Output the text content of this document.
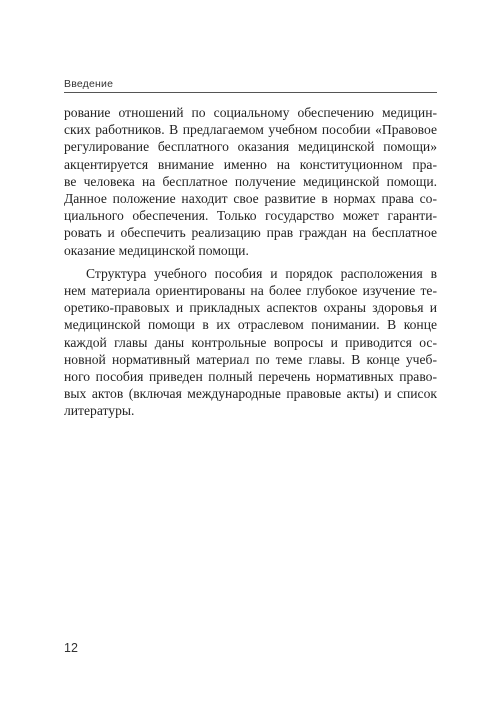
Введение
рование отношений по социальному обеспечению медицин-
ских работников. В предлагаемом учебном пособии «Правовое
регулирование бесплатного оказания медицинской помощи»
акцентируется внимание именно на конституционном пра-
ве человека на бесплатное получение медицинской помощи.
Данное положение находит свое развитие в нормах права со-
циального обеспечения. Только государство может гаранти-
ровать и обеспечить реализацию прав граждан на бесплатное
оказание медицинской помощи.
Структура учебного пособия и порядок расположения в
нем материала ориентированы на более глубокое изучение те-
оретико-правовых и прикладных аспектов охраны здоровья и
медицинской помощи в их отраслевом понимании. В конце
каждой главы даны контрольные вопросы и приводится ос-
новной нормативный материал по теме главы. В конце учеб-
ного пособия приведен полный перечень нормативных право-
вых актов (включая международные правовые акты) и список
литературы.
12
